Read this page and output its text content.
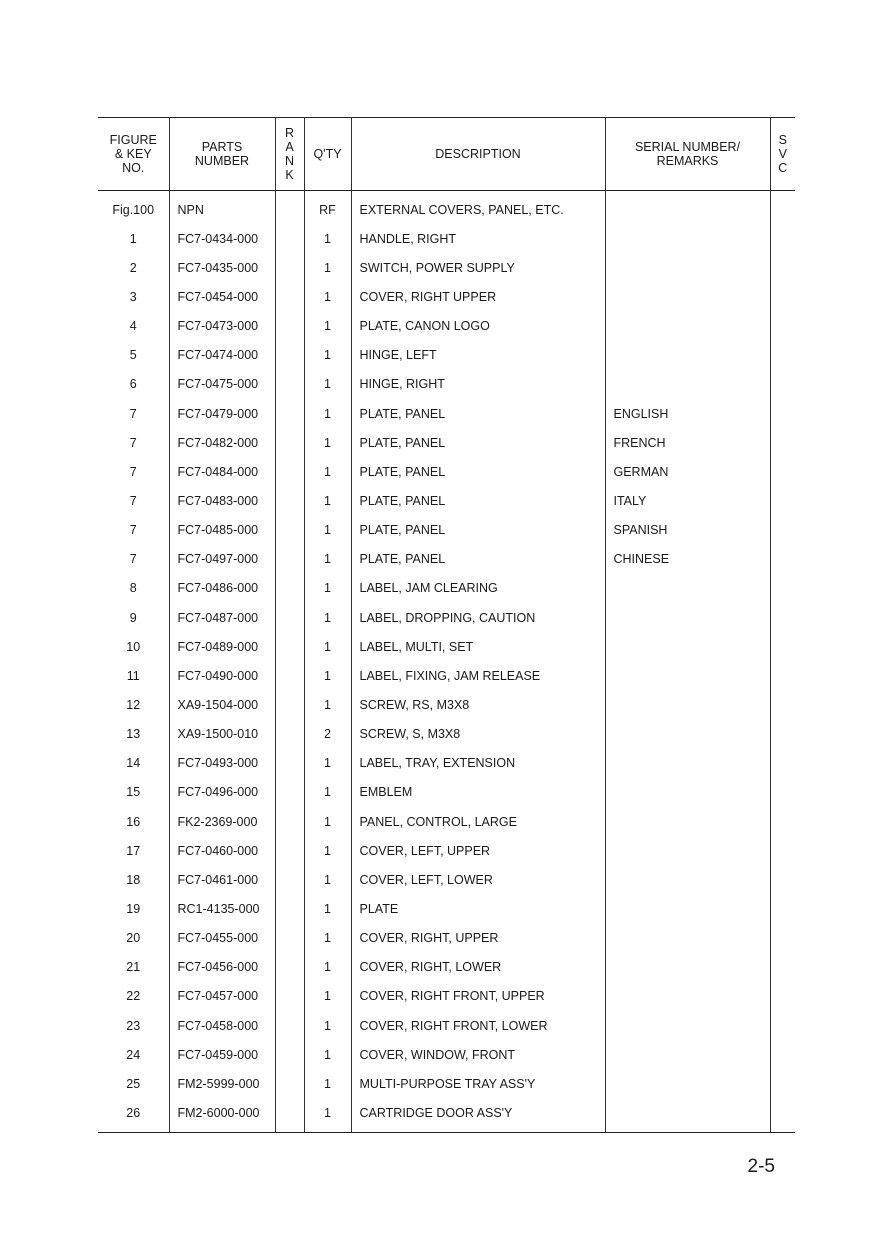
FIGURE
& KEY
NO.	PARTS
NUMBER	R
A
N
K	Q'TY	DESCRIPTION	SERIAL NUMBER/
REMARKS	S
V
C

Fig.100	NPN		RF	EXTERNAL COVERS, PANEL, ETC.		
1	FC7-0434-000		1	HANDLE, RIGHT		
2	FC7-0435-000		1	SWITCH, POWER SUPPLY		
3	FC7-0454-000		1	COVER, RIGHT UPPER		
4	FC7-0473-000		1	PLATE, CANON LOGO		
5	FC7-0474-000		1	HINGE, LEFT		
6	FC7-0475-000		1	HINGE, RIGHT		
7	FC7-0479-000		1	PLATE, PANEL	ENGLISH	
7	FC7-0482-000		1	PLATE, PANEL	FRENCH	
7	FC7-0484-000		1	PLATE, PANEL	GERMAN	
7	FC7-0483-000		1	PLATE, PANEL	ITALY	
7	FC7-0485-000		1	PLATE, PANEL	SPANISH	
7	FC7-0497-000		1	PLATE, PANEL	CHINESE	
8	FC7-0486-000		1	LABEL, JAM CLEARING		
9	FC7-0487-000		1	LABEL, DROPPING, CAUTION		
10	FC7-0489-000		1	LABEL, MULTI, SET		
11	FC7-0490-000		1	LABEL, FIXING, JAM RELEASE		
12	XA9-1504-000		1	SCREW, RS, M3X8		
13	XA9-1500-010		2	SCREW, S, M3X8		
14	FC7-0493-000		1	LABEL, TRAY, EXTENSION		
15	FC7-0496-000		1	EMBLEM		
16	FK2-2369-000		1	PANEL, CONTROL, LARGE		
17	FC7-0460-000		1	COVER, LEFT, UPPER		
18	FC7-0461-000		1	COVER, LEFT, LOWER		
19	RC1-4135-000		1	PLATE		
20	FC7-0455-000		1	COVER, RIGHT, UPPER		
21	FC7-0456-000		1	COVER, RIGHT, LOWER		
22	FC7-0457-000		1	COVER, RIGHT FRONT, UPPER		
23	FC7-0458-000		1	COVER, RIGHT FRONT, LOWER		
24	FC7-0459-000		1	COVER, WINDOW, FRONT		
25	FM2-5999-000		1	MULTI-PURPOSE TRAY ASS'Y		
26	FM2-6000-000		1	CARTRIDGE DOOR ASS'Y		
2-5
